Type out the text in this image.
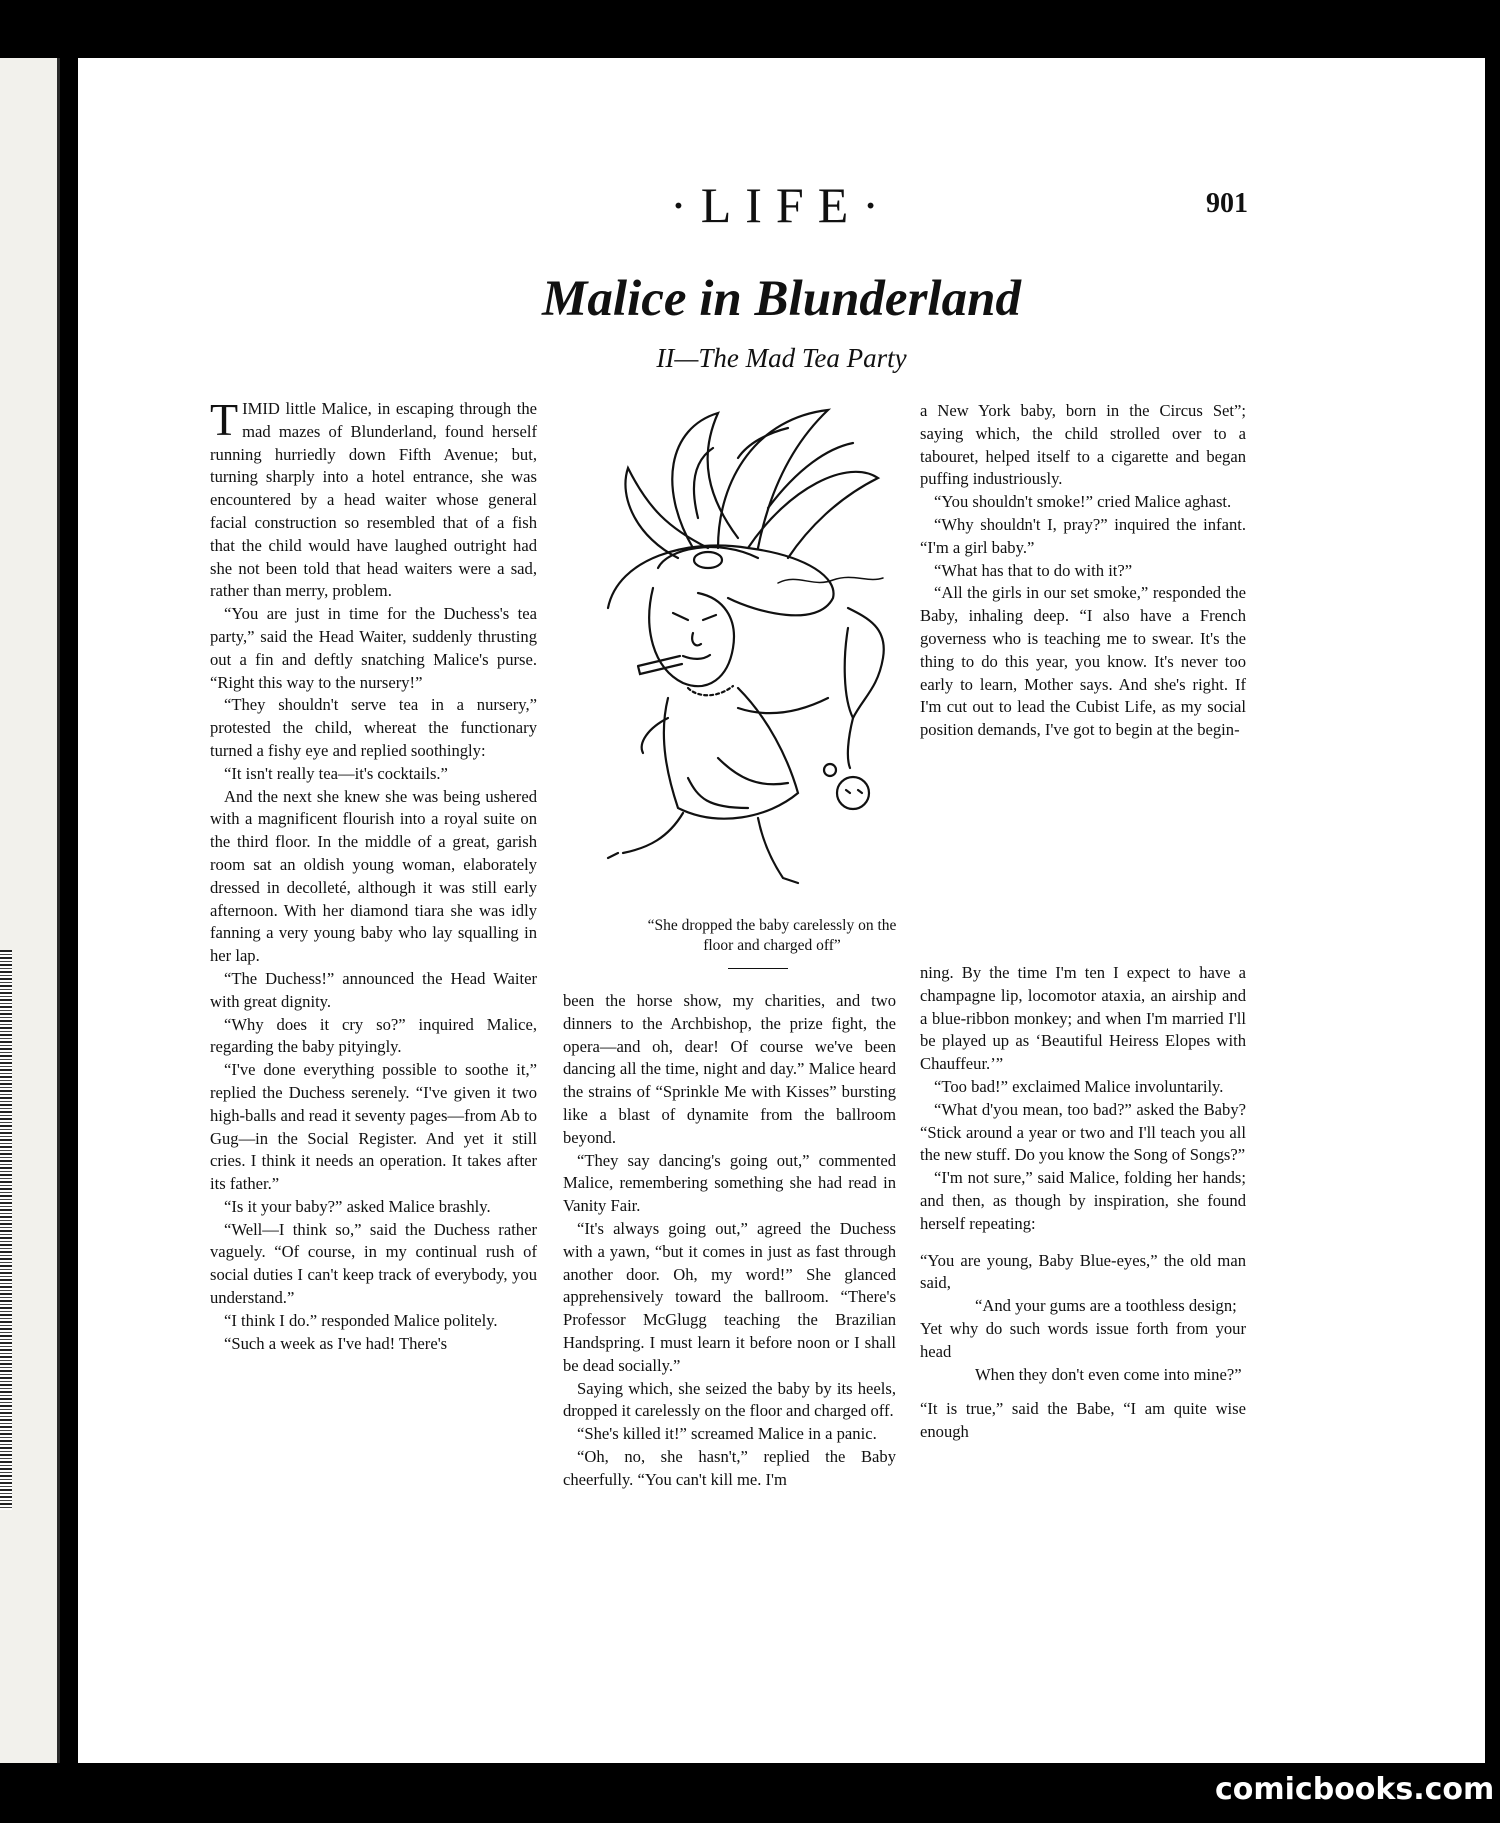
·LIFE·	901
Malice in Blunderland
II—The Mad Tea Party

TIMID little Malice, in escaping through the mad mazes of Blunderland, found herself running hurriedly down Fifth Avenue; but, turning sharply into a hotel entrance, she was encountered by a head waiter whose general facial construction so resembled that of a fish that the child would have laughed outright had she not been told that head waiters were a sad, rather than merry, problem.

“You are just in time for the Duchess's tea party,” said the Head Waiter, suddenly thrusting out a fin and deftly snatching Malice's purse. “Right this way to the nursery!”

“They shouldn't serve tea in a nursery,” protested the child, whereat the functionary turned a fishy eye and replied soothingly:

“It isn't really tea—it's cocktails.”

And the next she knew she was being ushered with a magnificent flourish into a royal suite on the third floor. In the middle of a great, garish room sat an oldish young woman, elaborately dressed in decolleté, although it was still early afternoon. With her diamond tiara she was idly fanning a very young baby who lay squalling in her lap.

“The Duchess!” announced the Head Waiter with great dignity.

“Why does it cry so?” inquired Malice, regarding the baby pityingly.

“I've done everything possible to soothe it,” replied the Duchess serenely. “I've given it two high-balls and read it seventy pages—from Ab to Gug—in the Social Register. And yet it still cries. I think it needs an operation. It takes after its father.”

“Is it your baby?” asked Malice brashly.

“Well—I think so,” said the Duchess rather vaguely. “Of course, in my continual rush of social duties I can't keep track of everybody, you understand.”

“I think I do.” responded Malice politely.

“Such a week as I've had! There's

“She dropped the baby carelessly on the floor and charged off”

been the horse show, my charities, and two dinners to the Archbishop, the prize fight, the opera—and oh, dear! Of course we've been dancing all the time, night and day.” Malice heard the strains of “Sprinkle Me with Kisses” bursting like a blast of dynamite from the ballroom beyond.

“They say dancing's going out,” commented Malice, remembering something she had read in Vanity Fair.

“It's always going out,” agreed the Duchess with a yawn, “but it comes in just as fast through another door. Oh, my word!” She glanced apprehensively toward the ballroom. “There's Professor McGlugg teaching the Brazilian Handspring. I must learn it before noon or I shall be dead socially.”

Saying which, she seized the baby by its heels, dropped it carelessly on the floor and charged off.

“She's killed it!” screamed Malice in a panic.

“Oh, no, she hasn't,” replied the Baby cheerfully. “You can't kill me. I'm

a New York baby, born in the Circus Set”; saying which, the child strolled over to a tabouret, helped itself to a cigarette and began puffing industriously.

“You shouldn't smoke!” cried Malice aghast.

“Why shouldn't I, pray?” inquired the infant. “I'm a girl baby.”

“What has that to do with it?”

“All the girls in our set smoke,” responded the Baby, inhaling deep. “I also have a French governess who is teaching me to swear. It's the thing to do this year, you know. It's never too early to learn, Mother says. And she's right. If I'm cut out to lead the Cubist Life, as my social position demands, I've got to begin at the begin-

ning. By the time I'm ten I expect to have a champagne lip, locomotor ataxia, an airship and a blue-ribbon monkey; and when I'm married I'll be played up as ‘Beautiful Heiress Elopes with Chauffeur.’”

“Too bad!” exclaimed Malice involuntarily.

“What d'you mean, too bad?” asked the Baby? “Stick around a year or two and I'll teach you all the new stuff. Do you know the Song of Songs?”

“I'm not sure,” said Malice, folding her hands; and then, as though by inspiration, she found herself repeating:

“You are young, Baby Blue-eyes,” the old man said,

“And your gums are a toothless design;

Yet why do such words issue forth from your head

When they don't even come into mine?”

“It is true,” said the Babe, “I am quite wise enough

comicbooks.com
